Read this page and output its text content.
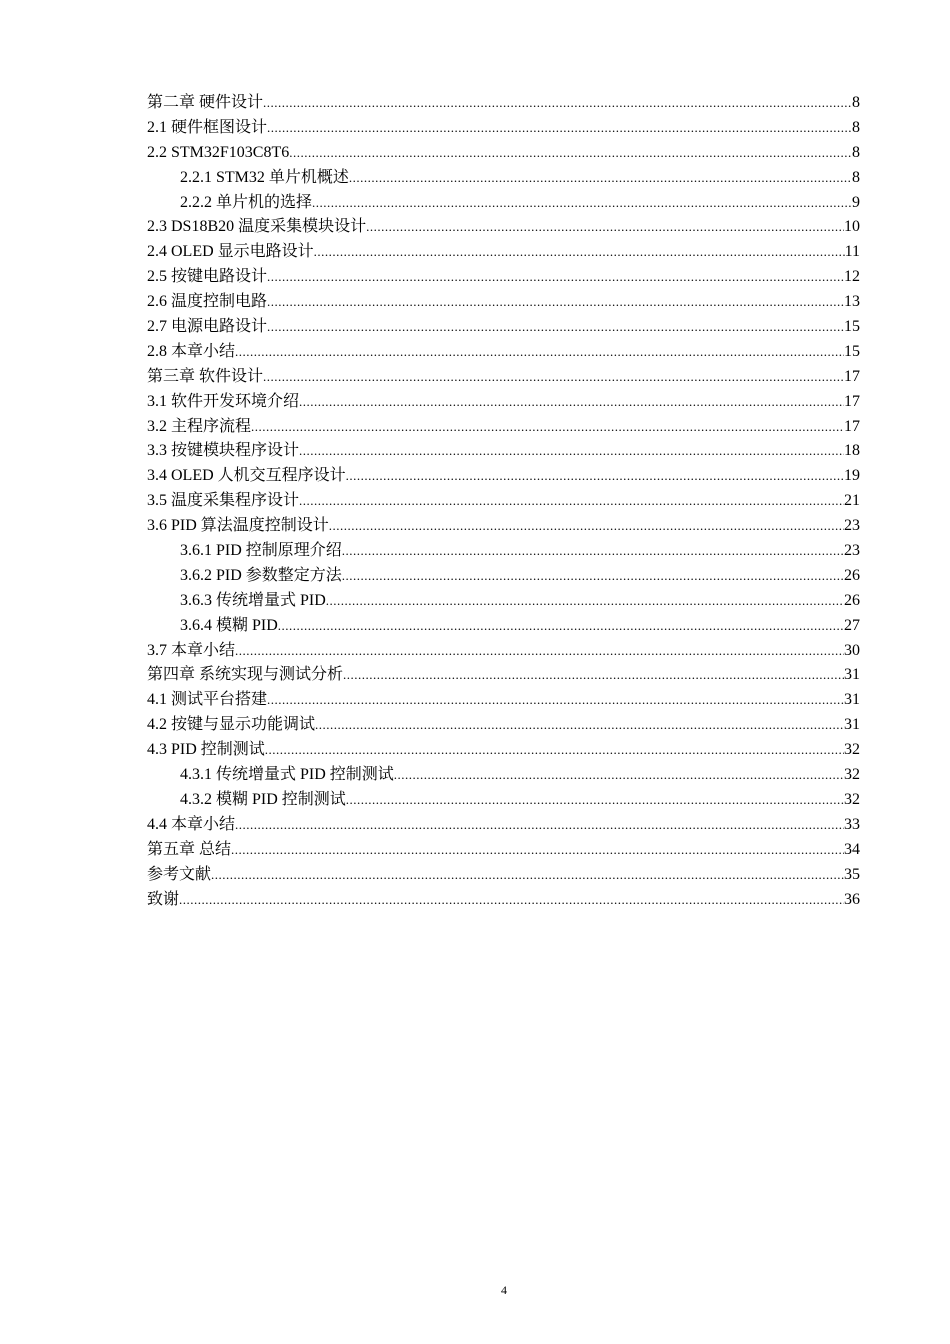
第二章 硬件设计 .....	8
2.1 硬件框图设计 .....	8
2.2 STM32F103C8T6 .....	8
2.2.1 STM32 单片机概述 .....	8
2.2.2 单片机的选择 .....	9
2.3 DS18B20 温度采集模块设计 .....	10
2.4 OLED 显示电路设计 .....	11
2.5 按键电路设计 .....	12
2.6 温度控制电路 .....	13
2.7 电源电路设计 .....	15
2.8 本章小结 .....	15
第三章 软件设计 .....	17
3.1 软件开发环境介绍 .....	17
3.2 主程序流程 .....	17
3.3 按键模块程序设计 .....	18
3.4 OLED 人机交互程序设计 .....	19
3.5 温度采集程序设计 .....	21
3.6 PID 算法温度控制设计 .....	23
3.6.1 PID 控制原理介绍 .....	23
3.6.2 PID 参数整定方法 .....	26
3.6.3 传统增量式 PID .....	26
3.6.4 模糊 PID .....	27
3.7 本章小结 .....	30
第四章 系统实现与测试分析 .....	31
4.1 测试平台搭建 .....	31
4.2 按键与显示功能调试 .....	31
4.3 PID 控制测试 .....	32
4.3.1 传统增量式 PID 控制测试 .....	32
4.3.2 模糊 PID 控制测试 .....	32
4.4 本章小结 .....	33
第五章 总结 .....	34
参考文献 .....	35
致谢 .....	36
4
